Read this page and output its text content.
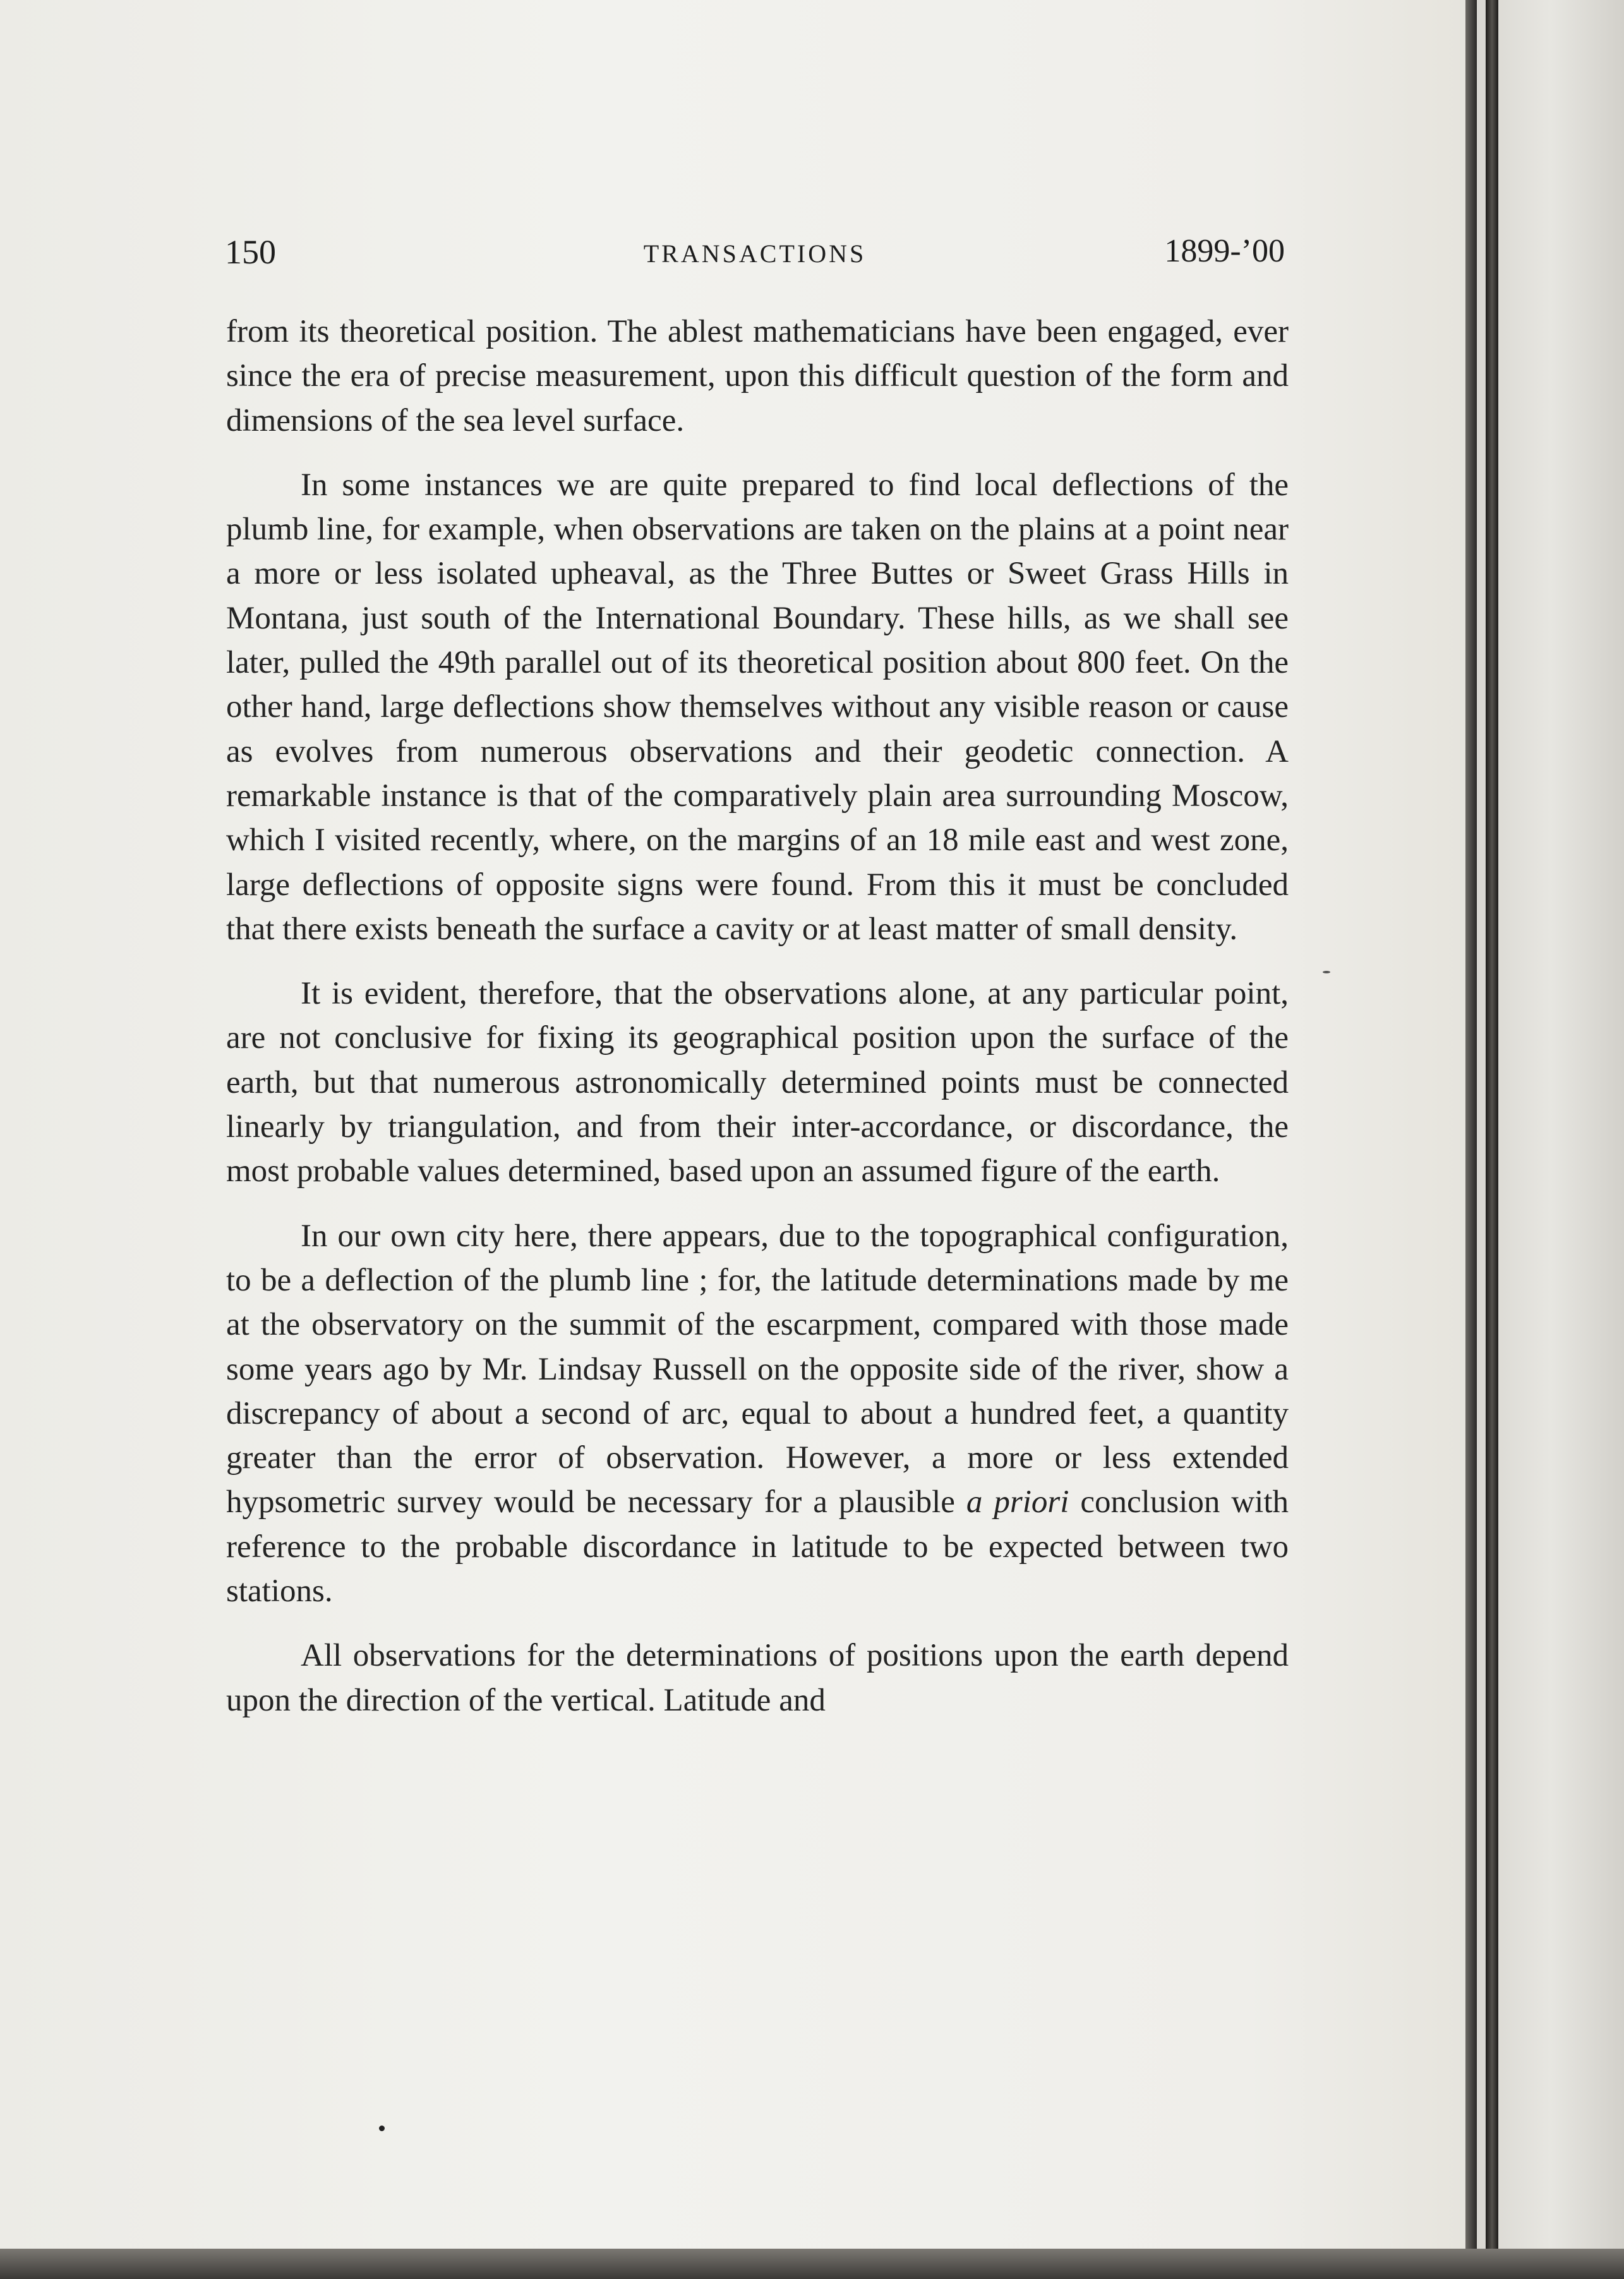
150	TRANSACTIONS	1899-’00

from its theoretical position. The ablest mathematicians have been engaged, ever since the era of precise measurement, upon this difficult question of the form and dimensions of the sea level surface.

In some instances we are quite prepared to find local deflections of the plumb line, for example, when observations are taken on the plains at a point near a more or less isolated upheaval, as the Three Buttes or Sweet Grass Hills in Montana, just south of the International Boundary. These hills, as we shall see later, pulled the 49th parallel out of its theoretical position about 800 feet. On the other hand, large deflections show themselves without any visible reason or cause as evolves from numerous observations and their geodetic connection. A remarkable instance is that of the comparatively plain area surrounding Moscow, which I visited recently, where, on the margins of an 18 mile east and west zone, large deflections of opposite signs were found. From this it must be concluded that there exists beneath the surface a cavity or at least matter of small density.

It is evident, therefore, that the observations alone, at any particular point, are not conclusive for fixing its geographical position upon the surface of the earth, but that numerous astronomically determined points must be connected linearly by triangulation, and from their inter-accordance, or discordance, the most probable values determined, based upon an assumed figure of the earth.

In our own city here, there appears, due to the topographical configuration, to be a deflection of the plumb line ; for, the latitude determinations made by me at the observatory on the summit of the escarpment, compared with those made some years ago by Mr. Lindsay Russell on the opposite side of the river, show a discrepancy of about a second of arc, equal to about a hundred feet, a quantity greater than the error of observation. However, a more or less extended hypsometric survey would be necessary for a plausible a priori conclusion with reference to the probable discordance in latitude to be expected between two stations.

All observations for the determinations of positions upon the earth depend upon the direction of the vertical. Latitude and
